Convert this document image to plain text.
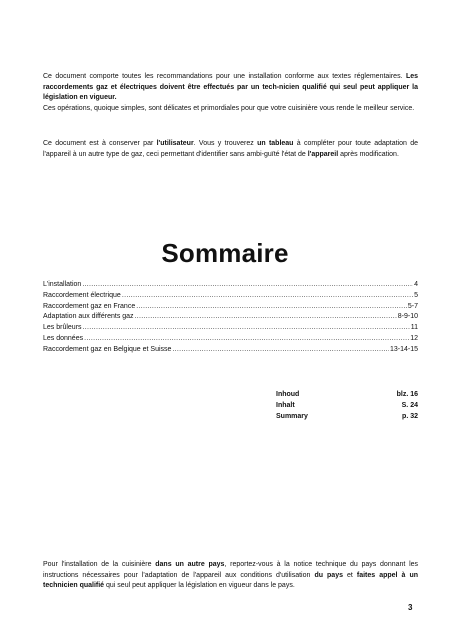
Ce document comporte toutes les recommandations pour une installation conforme aux textes réglementaires. Les raccordements gaz et électriques doivent être effectués par un tech-nicien qualifié qui seul peut appliquer la législation en vigueur.
Ces opérations, quoique simples, sont délicates et primordiales pour que votre cuisinière vous rende le meilleur service.

Ce document est à conserver par l'utilisateur. Vous y trouverez un tableau à compléter pour toute adaptation de l'appareil à un autre type de gaz, ceci permettant d'identifier sans ambi-guïté l'état de l'appareil après modification.

Sommaire
L'installation .....	4
Raccordement électrique .....	5
Raccordement gaz en France .....	5-7
Adaptation aux différents gaz .....	8-9-10
Les brûleurs .....	11
Les données .....	12
Raccordement gaz en Belgique et Suisse .....	13-14-15
Inhoud	blz. 16
Inhalt	S. 24
Summary	p. 32

Pour l'installation de la cuisinière dans un autre pays, reportez-vous à la notice technique du pays donnant les instructions nécessaires pour l'adaptation de l'appareil aux conditions d'utilisation du pays et faites appel à un technicien qualifié qui seul peut appliquer la législation en vigueur dans le pays.

3
